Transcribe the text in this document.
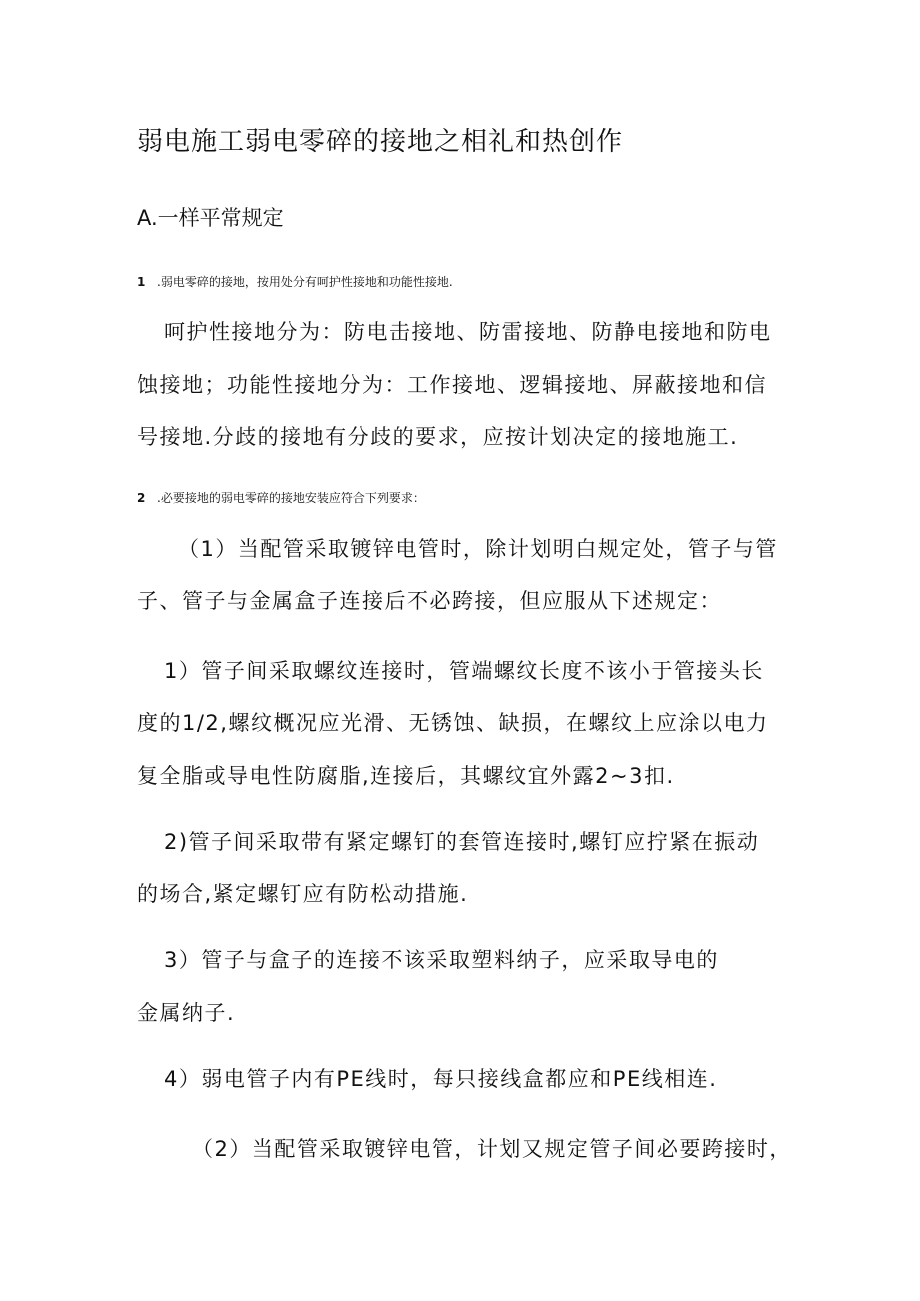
弱电施工弱电零碎的接地之相礼和热创作
A.一样平常规定
1 .弱电零碎的接地，按用处分有呵护性接地和功能性接地.
呵护性接地分为：防电击接地、防雷接地、防静电接地和防电
蚀接地；功能性接地分为：工作接地、逻辑接地、屏蔽接地和信
号接地.分歧的接地有分歧的要求，应按计划决定的接地施工.
2 .必要接地的弱电零碎的接地安装应符合下列要求：
（1）当配管采取镀锌电管时，除计划明白规定处，管子与管
子、管子与金属盒子连接后不必跨接，但应服从下述规定：
1）管子间采取螺纹连接时，管端螺纹长度不该小于管接头长
度的1/2,螺纹概况应光滑、无锈蚀、缺损，在螺纹上应涂以电力
复全脂或导电性防腐脂,连接后，其螺纹宜外露2~3扣.
2)管子间采取带有紧定螺钉的套管连接时,螺钉应拧紧在振动
的场合,紧定螺钉应有防松动措施.
3）管子与盒子的连接不该采取塑料纳子，应采取导电的
金属纳子.
4）弱电管子内有PE线时，每只接线盒都应和PE线相连.
（2）当配管采取镀锌电管，计划又规定管子间必要跨接时，
